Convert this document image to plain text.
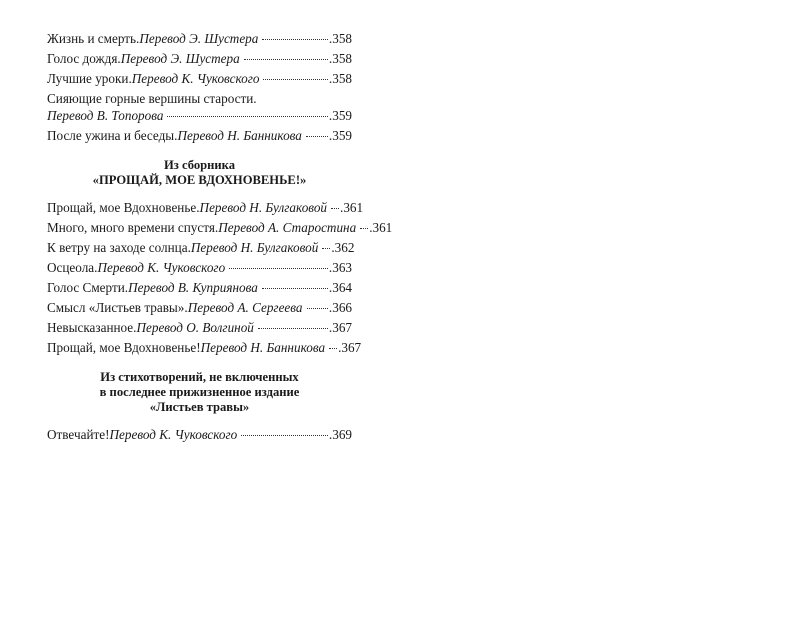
Жизнь и смерть. Перевод Э. Шустера	.358
Голос дождя. Перевод Э. Шустера	.358
Лучшие уроки. Перевод К. Чуковского	.358
Сияющие горные вершины старости.
Перевод В. Топорова	.359
После ужина и беседы. Перевод Н. Банникова .359
Из сборника
«ПРОЩАЙ, МОЕ ВДОХНОВЕНЬЕ!»
Прощай, мое Вдохновенье. Перевод Н. Булгаковой .361
Много, много времени спустя. Перевод А. Старостина .361
К ветру на заходе солнца. Перевод Н. Булгаковой .362
Осцеола. Перевод К. Чуковского	.363
Голос Смерти. Перевод В. Куприянова	.364
Смысл «Листьев травы». Перевод А. Сергеева .366
Невысказанное. Перевод О. Волгиной	.367
Прощай, мое Вдохновенье! Перевод Н. Банникова .367
Из стихотворений, не включенных
в последнее прижизненное издание
«Листьев травы»
Отвечайте! Перевод К. Чуковского	.369
